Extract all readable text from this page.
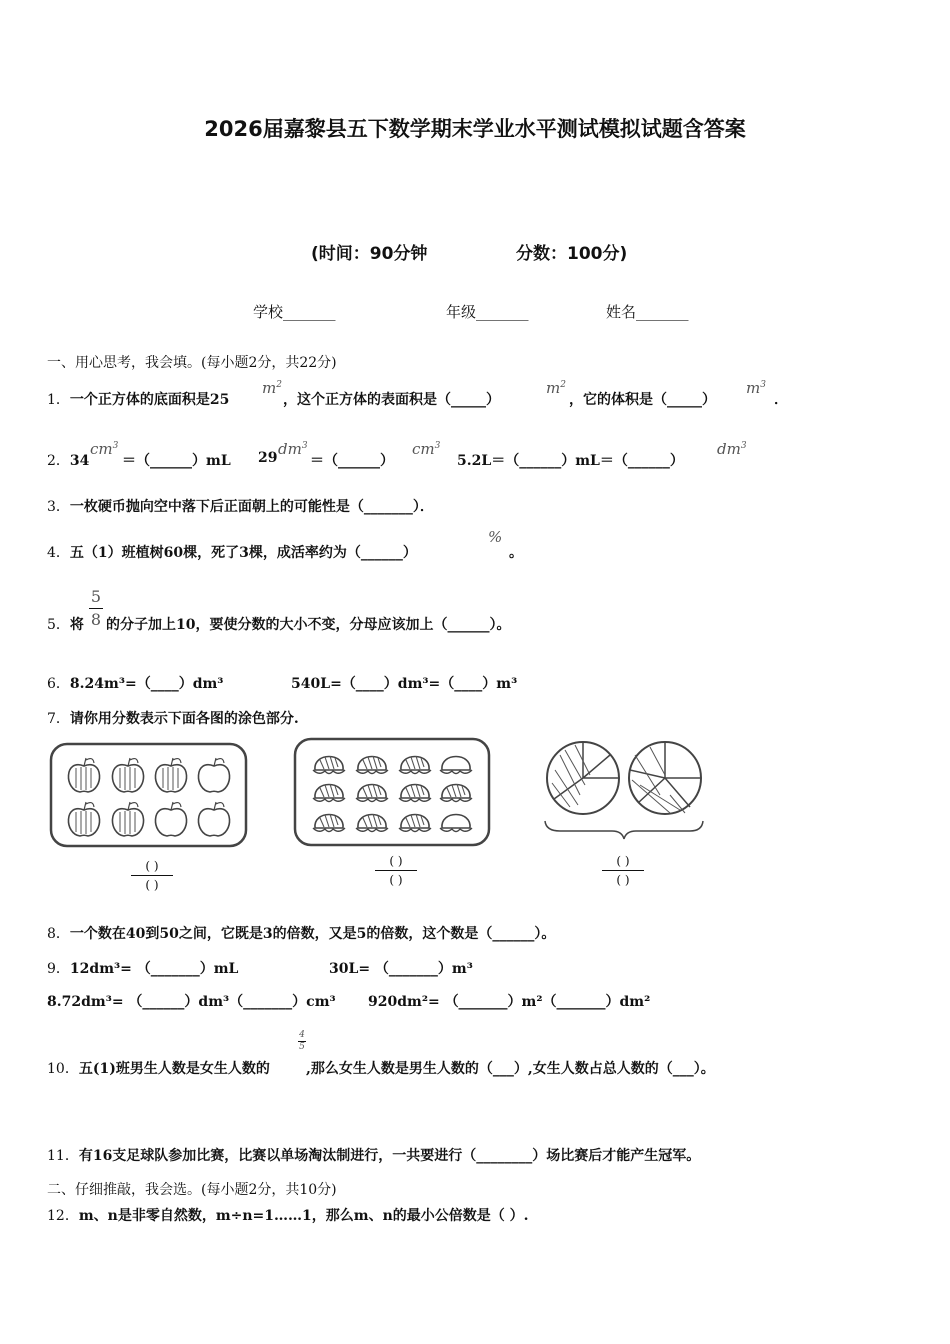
2026届嘉黎县五下数学期末学业水平测试模拟试题含答案
(时间：90分钟	分数：100分)
学校_______	年级_______	姓名_______
一、用心思考，我会填。(每小题2分，共22分)
1．一个正方体的底面积是25
$m^2$
，这个正方体的表面积是（_____）
$m^2$
，它的体积是（_____）
$m^3$
．
2．34
$cm^3$
＝（______）mL 29 $dm^3$
＝（______）
$cm^3$
5.2L＝（______）mL＝（______）
$dm^3$
3．一枚硬币抛向空中落下后正面朝上的可能性是（_______）．
4．五（1）班植树60棵，死了3棵，成活率约为（______）
%
。
5．将
5
8 的分子加上10，要使分数的大小不变，分母应该加上（______）。
6．8.24m³=（____）dm³	540L=（____）dm³=（____）m³
7．请你用分数表示下面各图的涂色部分.
( )
( )
( )
( )
( )
( )
8．一个数在40到50之间，它既是3的倍数，又是5的倍数，这个数是（______）。
9．12dm³= （_______）mL	30L= （_______）m³
8.72dm³= （______）dm³（_______）cm³ 920dm²= （_______）m²（_______）dm²
10．五(1)班男生人数是女生人数的
4
5
,那么女生人数是男生人数的（___）,女生人数占总人数的（___）。
11．有16支足球队参加比赛，比赛以单场淘汰制进行，一共要进行（________）场比赛后才能产生冠军。
二、仔细推敲，我会选。(每小题2分，共10分)
12．m、n是非零自然数，m÷n=1……1，那么m、n的最小公倍数是（ ）.
